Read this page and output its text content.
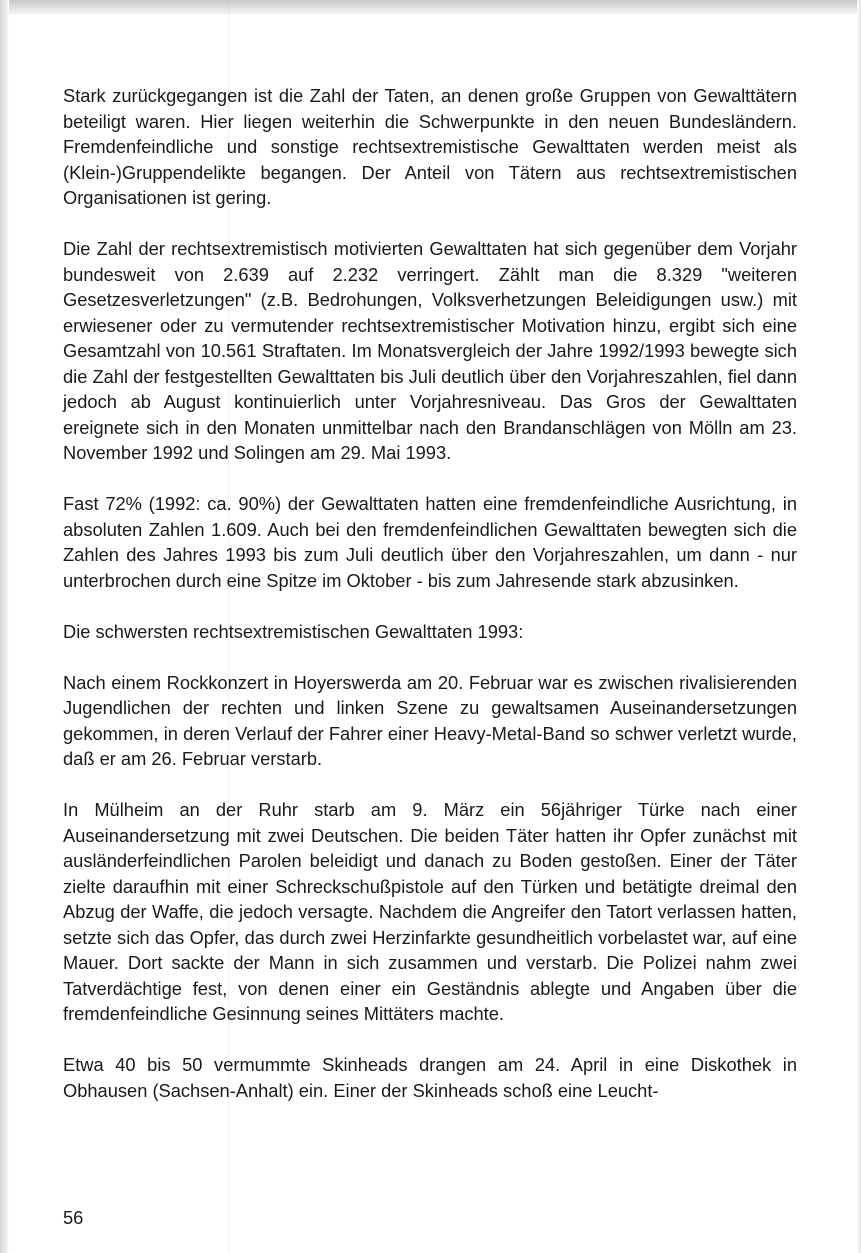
Stark zurückgegangen ist die Zahl der Taten, an denen große Gruppen von Gewalttätern beteiligt waren. Hier liegen weiterhin die Schwerpunkte in den neuen Bundesländern. Fremdenfeindliche und sonstige rechtsextremistische Gewalttaten werden meist als (Klein-)Gruppendelikte begangen. Der Anteil von Tätern aus rechtsextremistischen Organisationen ist gering.

Die Zahl der rechtsextremistisch motivierten Gewalttaten hat sich gegenüber dem Vorjahr bundesweit von 2.639 auf 2.232 verringert. Zählt man die 8.329 "weiteren Gesetzesverletzungen" (z.B. Bedrohungen, Volksverhetzungen Beleidigungen usw.) mit erwiesener oder zu vermutender rechtsextremistischer Motivation hinzu, ergibt sich eine Gesamtzahl von 10.561 Straftaten. Im Monatsvergleich der Jahre 1992/1993 bewegte sich die Zahl der festgestellten Gewalttaten bis Juli deutlich über den Vorjahreszahlen, fiel dann jedoch ab August kontinuierlich unter Vorjahresniveau. Das Gros der Gewalttaten ereignete sich in den Monaten unmittelbar nach den Brandanschlägen von Mölln am 23. November 1992 und Solingen am 29. Mai 1993.

Fast 72% (1992: ca. 90%) der Gewalttaten hatten eine fremdenfeindliche Ausrichtung, in absoluten Zahlen 1.609. Auch bei den fremdenfeindlichen Gewalttaten bewegten sich die Zahlen des Jahres 1993 bis zum Juli deutlich über den Vorjahreszahlen, um dann - nur unterbrochen durch eine Spitze im Oktober - bis zum Jahresende stark abzusinken.

Die schwersten rechtsextremistischen Gewalttaten 1993:

Nach einem Rockkonzert in Hoyerswerda am 20. Februar war es zwischen rivalisierenden Jugendlichen der rechten und linken Szene zu gewaltsamen Auseinandersetzungen gekommen, in deren Verlauf der Fahrer einer Heavy-Metal-Band so schwer verletzt wurde, daß er am 26. Februar verstarb.

In Mülheim an der Ruhr starb am 9. März ein 56jähriger Türke nach einer Auseinandersetzung mit zwei Deutschen. Die beiden Täter hatten ihr Opfer zunächst mit ausländerfeindlichen Parolen beleidigt und danach zu Boden gestoßen. Einer der Täter zielte daraufhin mit einer Schreckschußpistole auf den Türken und betätigte dreimal den Abzug der Waffe, die jedoch versagte. Nachdem die Angreifer den Tatort verlassen hatten, setzte sich das Opfer, das durch zwei Herzinfarkte gesundheitlich vorbelastet war, auf eine Mauer. Dort sackte der Mann in sich zusammen und verstarb. Die Polizei nahm zwei Tatverdächtige fest, von denen einer ein Geständnis ablegte und Angaben über die fremdenfeindliche Gesinnung seines Mittäters machte.

Etwa 40 bis 50 vermummte Skinheads drangen am 24. April in eine Diskothek in Obhausen (Sachsen-Anhalt) ein. Einer der Skinheads schoß eine Leucht-

56
